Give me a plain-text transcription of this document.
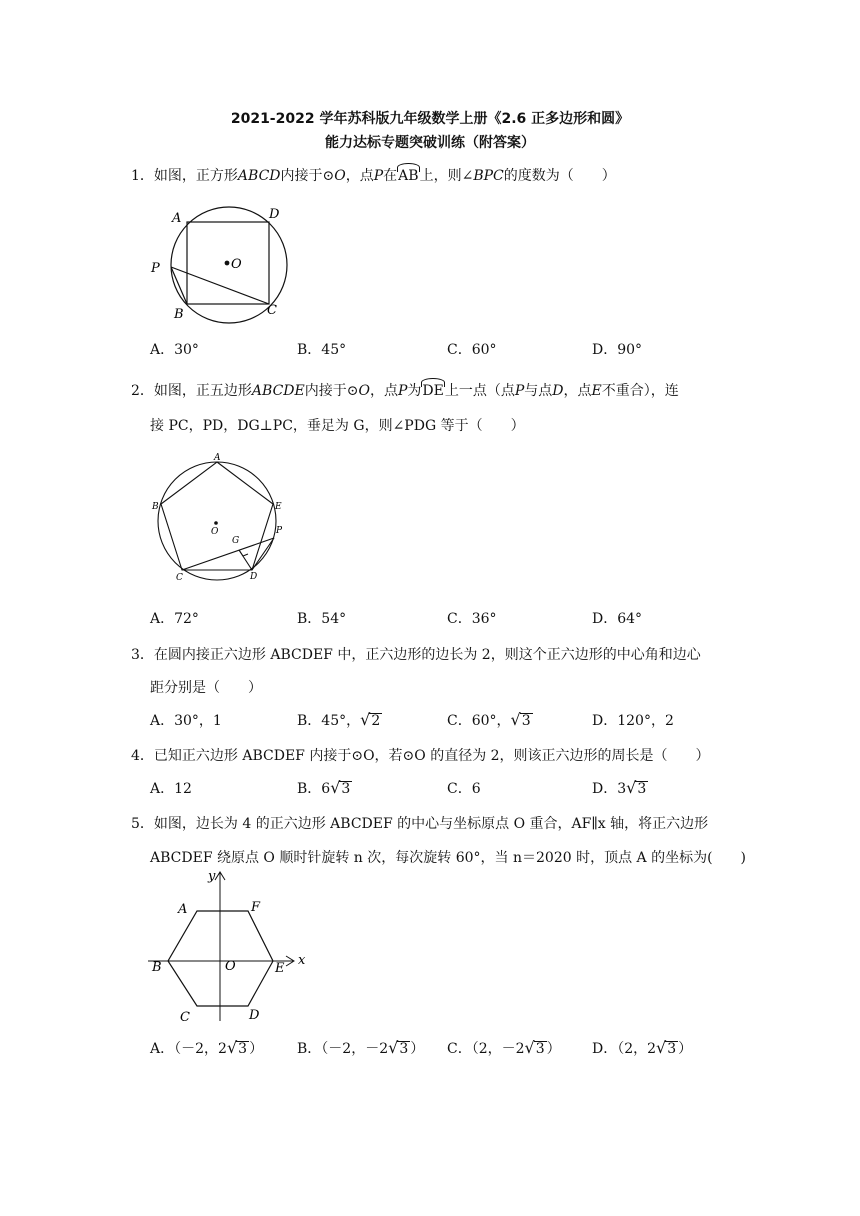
2021-2022 学年苏科版九年级数学上册《2.6 正多边形和圆》
能力达标专题突破训练（附答案）
1．如图，正方形ABCD内接于⊙O，点P在AB上，则∠BPC的度数为（　　）
A	D
P	O
B	C
A．30°	B．45°	C．60°	D．90°
2．如图，正五边形ABCDE内接于⊙O，点P为DE上一点（点P与点D，点E不重合），连
接 PC，PD，DG⊥PC，垂足为 G，则∠PDG 等于（　　）
A
B	E
P
O
G
C	D
A．72°	B．54°	C．36°	D．64°
3．在圆内接正六边形 ABCDEF 中，正六边形的边长为 2，则这个正六边形的中心角和边心
距分别是（　　）
A．30°，1	B．45°，√2	C．60°，√3	D．120°，2
4．已知正六边形 ABCDEF 内接于⊙O，若⊙O 的直径为 2，则该正六边形的周长是（　　）
A．12	B．6√3	C．6	D．3√3
5．如图，边长为 4 的正六边形 ABCDEF 的中心与坐标原点 O 重合，AF∥x 轴，将正六边形
ABCDEF 绕原点 O 顺时针旋转 n 次，每次旋转 60°，当 n＝2020 时，顶点 A 的坐标为(　　)
A	F
B	O	E
C	D
x
y
A．（－2，2√3 ） B．（－2，－2√3 ） C．（2，－2√3 ） D．（2，2√3 ）
